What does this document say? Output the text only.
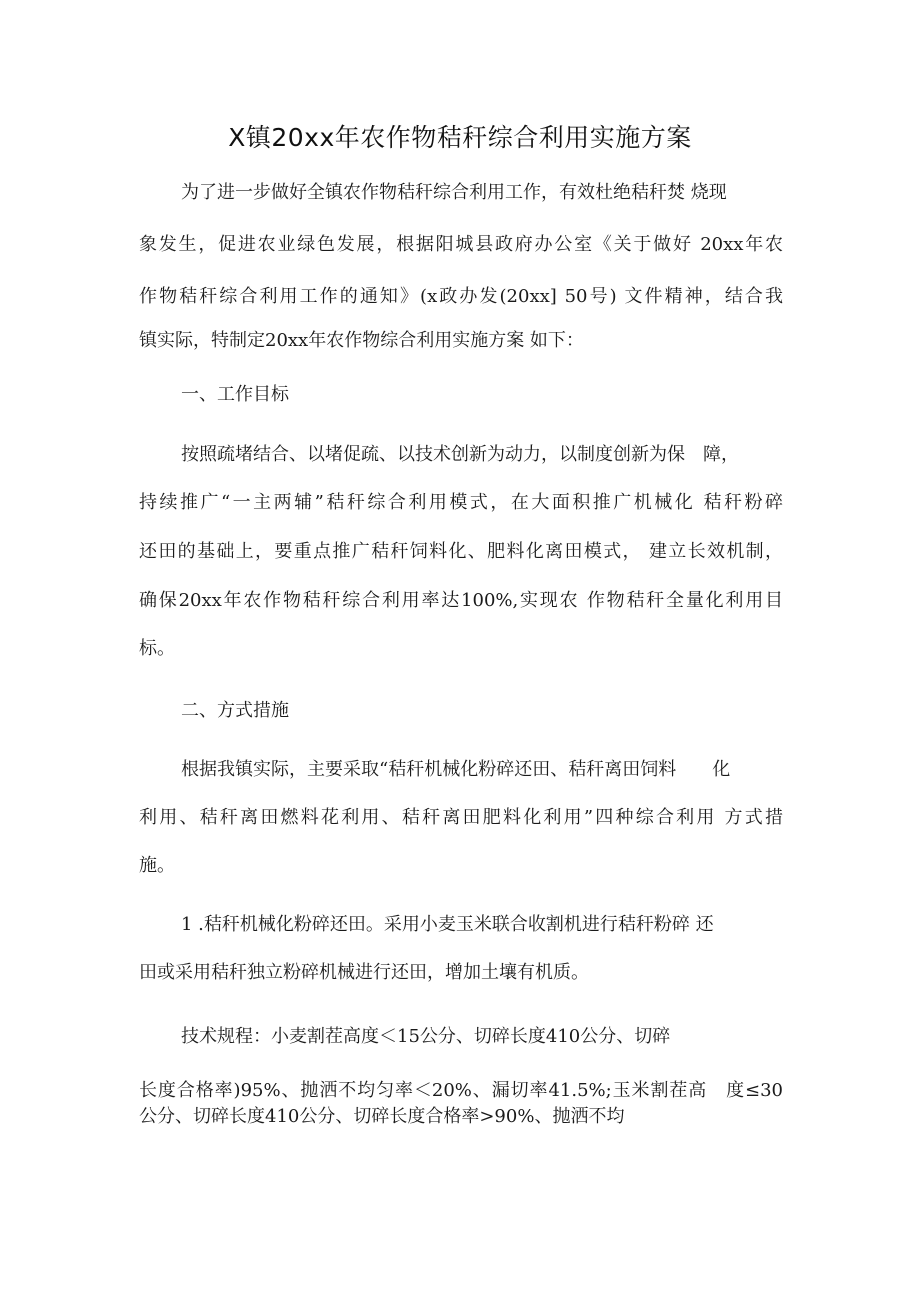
X镇20xx年农作物秸秆综合利用实施方案

为了进一步做好全镇农作物秸秆综合利用工作，有效杜绝秸秆焚 烧现

象发生，促进农业绿色发展，根据阳城县政府办公室《关于做好 20xx年农

作物秸秆综合利用工作的通知》(x政办发(20xx] 50号) 文件精神，结合我

镇实际，特制定20xx年农作物综合利用实施方案 如下：

一、工作目标

按照疏堵结合、以堵促疏、以技术创新为动力，以制度创新为保　障，

持续推广“一主两辅”秸秆综合利用模式，在大面积推广机械化 秸秆粉碎

还田的基础上，要重点推广秸秆饲料化、肥料化离田模式， 建立长效机制，

确保20xx年农作物秸秆综合利用率达100%,实现农 作物秸秆全量化利用目

标。

二、方式措施

根据我镇实际，主要采取“秸秆机械化粉碎还田、秸秆离田饲料　　化

利用、秸秆离田燃料花利用、秸秆离田肥料化利用”四种综合利用 方式措

施。

1 .秸秆机械化粉碎还田。采用小麦玉米联合收割机进行秸秆粉碎 还

田或采用秸秆独立粉碎机械进行还田，增加土壤有机质。

技术规程：小麦割茬高度＜15公分、切碎长度410公分、切碎

长度合格率)95%、抛洒不均匀率＜20%、漏切率41.5%;玉米割茬高　度≤30

公分、切碎长度410公分、切碎长度合格率>90%、抛洒不均
